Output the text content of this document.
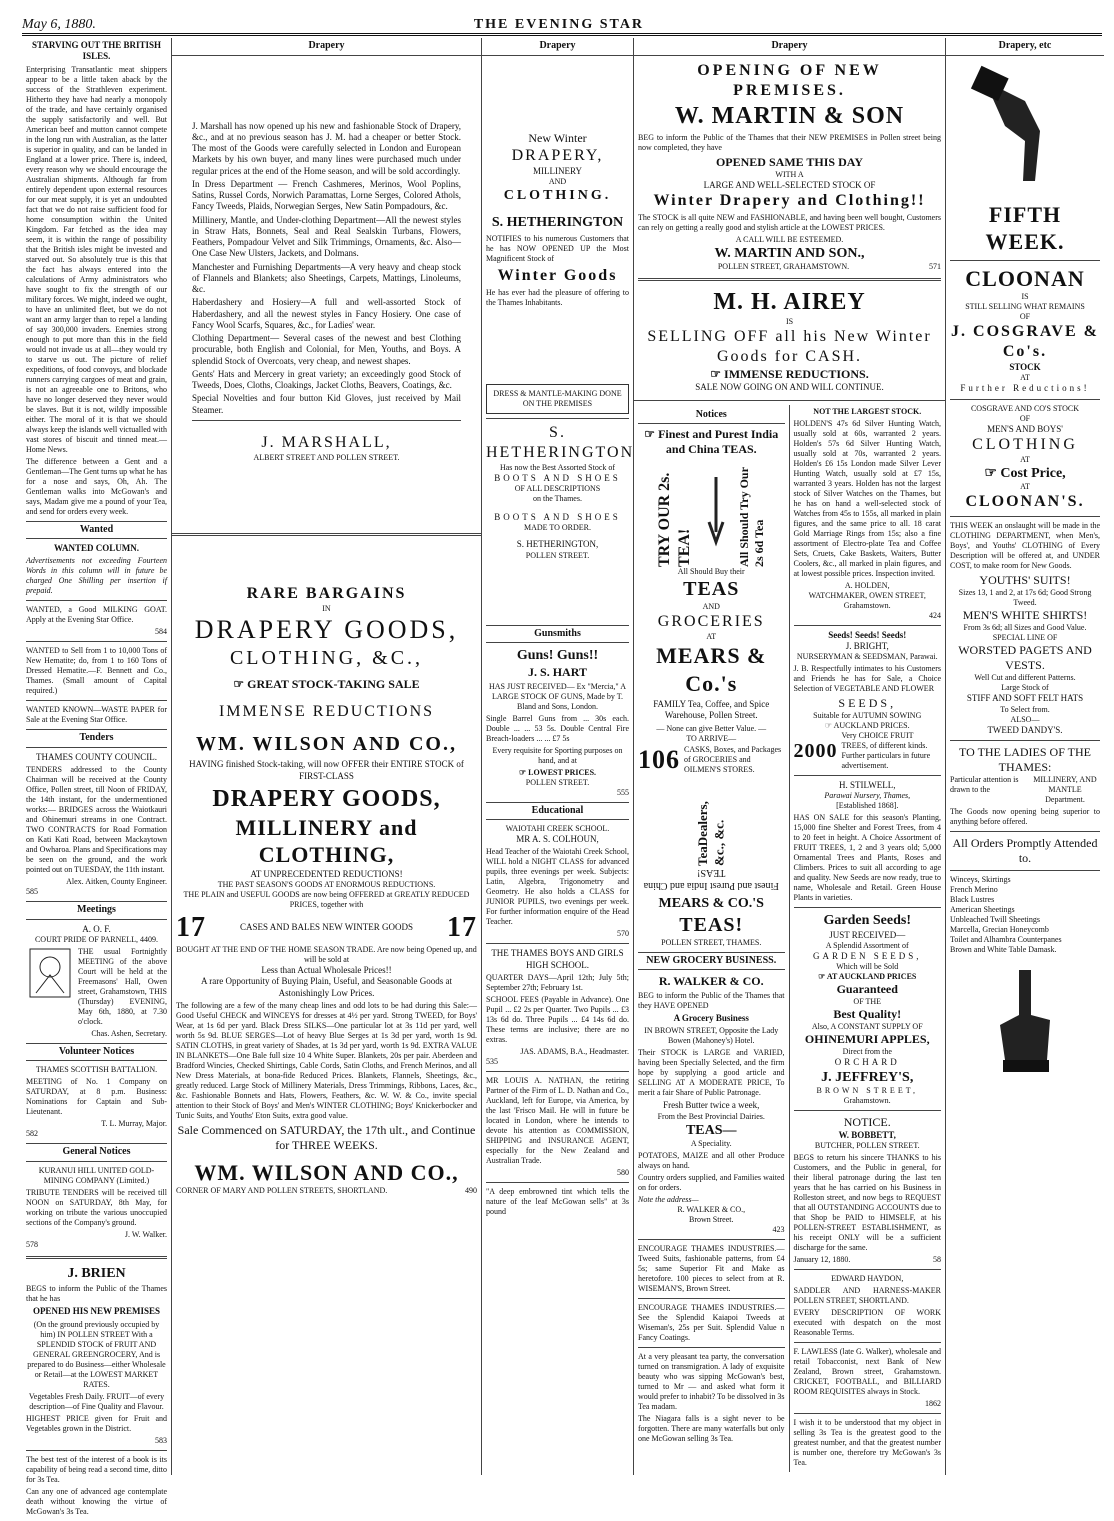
May 6, 1880.	THE EVENING STAR
STARVING OUT THE BRITISH ISLES.

Enterprising Transatlantic meat shippers appear to be a little taken aback by the success of the Strathleven experiment. Hitherto they have had nearly a monopoly of the trade, and have certainly organised the supply satisfactorily and well. But American beef and mutton cannot compete in the long run with Australian, as the latter is superior in quality, and can be landed in England at a lower price. There is, indeed, every reason why we should encourage the Australian shipments. Although far from entirely dependent upon external resources for our meat supply, it is yet an undoubted fact that we do not raise sufficient food for home consumption within the United Kingdom. Far fetched as the idea may seem, it is within the range of possibility that the British isles might be invested and starved out. So absolutely true is this that the fact has always entered into the calculations of Army administrators who have sought to fix the strength of our military forces. We might, indeed we ought, to have an unlimited fleet, but we do not want an army larger than to repel a landing of say 300,000 invaders. Enemies strong enough to put more than this in the field would not invade us at all—they would try to starve us out. The picture of relief expeditions, of food convoys, and blockade runners carrying cargoes of meat and grain, is not an agreeable one to Britons, who have no longer deserved they never would be slaves. But it is not, wildly impossible either. The moral of it is that we should always keep the islands well victualled with vast stores of biscuit and tinned meat.—Home News.

The difference between a Gent and a Gentleman—The Gent turns up what he has for a nose and says, Oh, Ah. The Gentleman walks into McGowan's and says, Madam give me a pound of your Tea, and send for orders every week.

Wanted
WANTED COLUMN.

Advertisements not exceeding Fourteen Words in this column will in future be charged One Shilling per insertion if prepaid.

WANTED, a Good MILKING GOAT. Apply at the Evening Star Office.

584

WANTED to Sell from 1 to 10,000 Tons of New Hematite; do, from 1 to 160 Tons of Dressed Hematite.—F. Bennett and Co., Thames. (Small amount of Capital required.)

WANTED KNOWN—WASTE PAPER for Sale at the Evening Star Office.

Tenders
THAMES COUNTY COUNCIL.

TENDERS addressed to the County Chairman will be received at the County Office, Pollen street, till Noon of FRIDAY, the 14th instant, for the undermentioned works:— BRIDGES across the Waiotkauri and Ohinemuri streams in one Contract. TWO CONTRACTS for Road Formation on Kati Kati Road, between Mackaytown and Owharoa. Plans and Specifications may be seen on the ground, and the work pointed out on TUESDAY, the 11th instant.

Alex. Aitken, County Engineer.
585
Meetings
A. O. F.
COURT PRIDE OF PARNELL, 4409.

THE usual Fortnightly MEETING of the above Court will be held at the Freemasons' Hall, Owen street, Grahamstown, THIS (Thursday) EVENING, May 6th, 1880, at 7.30 o'clock.

Chas. Ashen, Secretary.
Volunteer Notices
THAMES SCOTTISH BATTALION.

MEETING of No. 1 Company on SATURDAY, at 8 p.m. Business: Nominations for Captain and Sub-Lieutenant.

T. L. Murray, Major.
582
General Notices
KURANUI HILL UNITED GOLD-MINING COMPANY (Limited.)

TRIBUTE TENDERS will be received till NOON on SATURDAY, 8th May, for working on tribute the various unoccupied sections of the Company's ground.

J. W. Walker.
578
J. BRIEN

BEGS to inform the Public of the Thames that he has

OPENED HIS NEW PREMISES

(On the ground previously occupied by him) IN POLLEN STREET With a SPLENDID STOCK of FRUIT AND GENERAL GREENGROCERY, And is prepared to do Business—either Wholesale or Retail—at the LOWEST MARKET RATES.

Vegetables Fresh Daily. FRUIT—of every description—of Fine Quality and Flavour.

HIGHEST PRICE given for Fruit and Vegetables grown in the District.

583

The best test of the interest of a book is its capability of being read a second time, ditto for 3s Tea.

Can any one of advanced age contemplate death without knowing the virtue of McGowan's 3s Tea.

Drapery

J. Marshall has now opened up his new and fashionable Stock of Drapery, &c., and at no previous season has J. M. had a cheaper or better Stock. The most of the Goods were carefully selected in London and European Markets by his own buyer, and many lines were purchased much under regular prices at the end of the Home season, and will be sold accordingly.

In Dress Department — French Cashmeres, Merinos, Wool Poplins, Satins, Russel Cords, Norwich Paramattas, Lorne Serges, Colored Athols, Fancy Tweeds, Plaids, Norwegian Serges, New Satin Pompadours, &c.

Millinery, Mantle, and Under-clothing Department—All the newest styles in Straw Hats, Bonnets, Seal and Real Sealskin Turbans, Flowers, Feathers, Pompadour Velvet and Silk Trimmings, Ornaments, &c. Also—One Case New Ulsters, Jackets, and Dolmans.

Manchester and Furnishing Departments—A very heavy and cheap stock of Flannels and Blankets; also Sheetings, Carpets, Mattings, Linoleums, &c.

Haberdashery and Hosiery—A full and well-assorted Stock of Haberdashery, and all the newest styles in Fancy Hosiery. One case of Fancy Wool Scarfs, Squares, &c., for Ladies' wear.

Clothing Department— Several cases of the newest and best Clothing procurable, both English and Colonial, for Men, Youths, and Boys. A splendid Stock of Overcoats, very cheap, and newest shapes.

Gents' Hats and Mercery in great variety; an exceedingly good Stock of Tweeds, Does, Cloths, Cloakings, Jacket Cloths, Beavers, Coatings, &c.

Special Novelties and four button Kid Gloves, just received by Mail Steamer.

J. MARSHALL,
ALBERT STREET AND POLLEN STREET.
RARE BARGAINS
IN
DRAPERY GOODS,
CLOTHING, &C.,
☞ GREAT STOCK-TAKING SALE
IMMENSE REDUCTIONS
WM. WILSON AND CO.,

HAVING finished Stock-taking, will now OFFER their ENTIRE STOCK of FIRST-CLASS

DRAPERY GOODS,
MILLINERY and CLOTHING,
AT UNPRECEDENTED REDUCTIONS!
THE PAST SEASON'S GOODS AT ENORMOUS REDUCTIONS.
THE PLAIN and USEFUL GOODS are now being OFFERED at GREATLY REDUCED PRICES, together with
17	CASES AND BALES NEW WINTER GOODS 17
BOUGHT AT THE END OF THE HOME SEASON TRADE. Are now being Opened up, and will be sold at
Less than Actual Wholesale Prices!!
A rare Opportunity of Buying Plain, Useful, and Seasonable Goods at Astonishingly Low Prices.

The following are a few of the many cheap lines and odd lots to be had during this Sale:— Good Useful CHECK and WINCEYS for dresses at 4½ per yard. Strong TWEED, for Boys' Wear, at 1s 6d per yard. Black Dress SILKS—One particular lot at 3s 11d per yard, well worth 5s 9d. BLUE SERGES—Lot of heavy Blue Serges at 1s 3d per yard, worth 1s 9d. SATIN CLOTHS, in great variety of Shades, at 1s 3d per yard, worth 1s 9d. EXTRA VALUE IN BLANKETS—One Bale full size 10 4 White Super. Blankets, 20s per pair. Aberdeen and Bradford Wincies, Checked Shirtings, Cable Cords, Satin Cloths, and French Merinos, and all New Dress Materials, at bona-fide Reduced Prices. Blankets, Flannels, Sheetings, &c., greatly reduced. Large Stock of Millinery Materials, Dress Trimmings, Ribbons, Laces, &c., &c. Fashionable Bonnets and Hats, Flowers, Feathers, &c. W. W. & Co., invite special attention to their Stock of Boys' and Men's WINTER CLOTHING; Boys' Knickerbocker and Tunic Suits, and Youths' Eton Suits, extra good value.

Sale Commenced on SATURDAY, the 17th ult., and Continue for THREE WEEKS.
WM. WILSON AND CO.,
CORNER OF MARY AND POLLEN STREETS, SHORTLAND.	490
Drapery
New Winter
DRAPERY,
MILLINERY
AND
CLOTHING.
S. HETHERINGTON

NOTIFIES to his numerous Customers that he has NOW OPENED UP the Most Magnificent Stock of

Winter Goods

He has ever had the pleasure of offering to the Thames Inhabitants.

DRESS & MANTLE-MAKING DONE ON THE PREMISES
S. HETHERINGTON
Has now the Best Assorted Stock of
BOOTS AND SHOES
OF ALL DESCRIPTIONS
on the Thames.
BOOTS AND SHOES
MADE TO ORDER.
S. HETHERINGTON,
POLLEN STREET.
Gunsmiths
Guns! Guns!!
J. S. HART

HAS JUST RECEIVED— Ex "Mercia," A LARGE STOCK OF GUNS, Made by T. Bland and Sons, London.

Single Barrel Guns from ... 30s each. Double ... ... 53 5s. Double Central Fire Breach-loaders ... ... £7 5s

Every requisite for Sporting purposes on hand, and at

☞ LOWEST PRICES.
POLLEN STREET.
555
Educational
WAIOTAHI CREEK SCHOOL.
MR A. S. COLHOUN,

Head Teacher of the Waiotahi Creek School, WILL hold a NIGHT CLASS for advanced pupils, three evenings per week. Subjects: Latin, Algebra, Trigonometry and Geometry. He also holds a CLASS for JUNIOR PUPILS, two evenings per week. For further information enquire of the Head Teacher.

570
THE THAMES BOYS AND GIRLS HIGH SCHOOL.

QUARTER DAYS—April 12th; July 5th; September 27th; February 1st.

SCHOOL FEES (Payable in Advance). One Pupil ... £2 2s per Quarter. Two Pupils ... £3 13s 6d do. Three Pupils ... £4 14s 6d do. These terms are inclusive; there are no extras.

JAS. ADAMS, B.A., Headmaster.
535

MR LOUIS A. NATHAN, the retiring Partner of the Firm of L. D. Nathan and Co., Auckland, left for Europe, via America, by the last 'Frisco Mail. He will in future be located in London, where he intends to devote his attention as COMMISSION, SHIPPING and INSURANCE AGENT, especially for the New Zealand and Australian Trade.

580

"A deep embrowned tint which tells the nature of the leaf McGowan sells" at 3s pound

Drapery
OPENING OF NEW PREMISES.
W. MARTIN & SON

BEG to inform the Public of the Thames that their NEW PREMISES in Pollen street being now completed, they have

OPENED SAME THIS DAY
WITH A
LARGE AND WELL-SELECTED STOCK OF
Winter Drapery and Clothing!!

The STOCK is all quite NEW and FASHIONABLE, and having been well bought, Customers can rely on getting a really good and stylish article at the LOWEST PRICES.

A CALL WILL BE ESTEEMED.
W. MARTIN AND SON.,
POLLEN STREET, GRAHAMSTOWN.	571
M. H. AIREY
IS
SELLING OFF all his New Winter Goods for CASH.
☞ IMMENSE REDUCTIONS.
SALE NOW GOING ON AND WILL CONTINUE.
Notices
☞ Finest and Purest India and China TEAS.
TRY OUR 2s. TEA!	All Should Try Our 2s 6d Tea
All Should Buy their
TEAS
AND
GROCERIES
AT
MEARS & Co.'s

FAMILY Tea, Coffee, and Spice Warehouse, Pollen Street.

— None can give Better Value. —
TO ARRIVE—
106 CASKS, Boxes, and Packages of GROCERIES and OILMEN'S STORES.
TeaDealers, &c., &c.
Finest and Purest India and China TEAS!
MEARS & CO.'S
TEAS!
POLLEN STREET, THAMES.
NEW GROCERY BUSINESS.
R. WALKER & CO.

BEG to inform the Public of the Thames that they HAVE OPENED

A Grocery Business

IN BROWN STREET, Opposite the Lady Bowen (Mahoney's) Hotel.

Their STOCK is LARGE and VARIED, having been Specially Selected, and the firm hope by supplying a good article and SELLING AT A MODERATE PRICE, To merit a fair Share of Public Patronage.

Fresh Butter twice a week,
From the Best Provincial Dairies.
TEAS—
A Speciality.

POTATOES, MAIZE and all other Produce always on hand.

Country orders supplied, and Families waited on for orders.

Note the address—
R. WALKER & CO.,
Brown Street.
423

ENCOURAGE THAMES INDUSTRIES.—Tweed Suits, fashionable patterns, from £4 5s; same Superior Fit and Make as heretofore. 100 pieces to select from at R. WISEMAN'S, Brown Street.

ENCOURAGE THAMES INDUSTRIES.—See the Splendid Kaiapoi Tweeds at Wiseman's, 25s per Suit. Splendid Value n Fancy Coatings.

At a very pleasant tea party, the conversation turned on transmigration. A lady of exquisite beauty who was sipping McGowan's best, turned to Mr — and asked what form it would prefer to inhabit? To be dissolved in 3s Tea madam.

The Niagara falls is a sight never to be forgotten. There are many waterfalls but only one McGowan selling 3s Tea.

NOT THE LARGEST STOCK.

HOLDEN'S 47s 6d Silver Hunting Watch, usually sold at 60s, warranted 2 years. Holden's 57s 6d Silver Hunting Watch, usually sold at 70s, warranted 2 years. Holden's £6 15s London made Silver Lever Hunting Watch, usually sold at £7 15s, warranted 3 years. Holden has not the largest stock of Silver Watches on the Thames, but he has on hand a well-selected stock of Watches from 45s to 155s, all marked in plain figures, and the same price to all. 18 carat Gold Marriage Rings from 15s; also a fine assortment of Electro-plate Tea and Coffee Sets, Cruets, Cake Baskets, Waiters, Butter Coolers, &c., all marked in plain figures, and at lowest possible prices. Inspection invited.

A. HOLDEN,
WATCHMAKER, OWEN STREET, Grahamstown.
424
Seeds! Seeds! Seeds!
J. BRIGHT,
NURSERYMAN & SEEDSMAN, Parawai.

J. B. Respectfully intimates to his Customers and Friends he has for Sale, a Choice Selection of VEGETABLE AND FLOWER

SEEDS,
Suitable for AUTUMN SOWING
☞ AUCKLAND PRICES.
2000
Very CHOICE FRUIT TREES, of different kinds. Further particulars in future advertisement.
H. STILWELL,
Parawai Nursery, Thames,
[Established 1868].

HAS ON SALE for this season's Planting, 15,000 fine Shelter and Forest Trees, from 4 to 20 feet in height. A Choice Assortment of FRUIT TREES, 1, 2 and 3 years old; 5,000 Ornamental Trees and Plants, Roses and Climbers. Prices to suit all according to age and quality. New Seeds are now ready, true to name, Wholesale and Retail. Green House Plants in varieties.

Garden Seeds!
JUST RECEIVED—
A Splendid Assortment of
GARDEN SEEDS,
Which will be Sold
☞ AT AUCKLAND PRICES
Guaranteed
OF THE
Best Quality!
Also, A CONSTANT SUPPLY OF
OHINEMURI APPLES,
Direct from the
ORCHARD
J. JEFFREY'S,
BROWN STREET,
Grahamstown.
NOTICE.
W. BOBBETT,
BUTCHER, POLLEN STREET.

BEGS to return his sincere THANKS to his Customers, and the Public in general, for their liberal patronage during the last ten years that he has carried on his Business in Rolleston street, and now begs to REQUEST that all OUTSTANDING ACCOUNTS due to that Shop be PAID to HIMSELF, at his POLLEN-STREET ESTABLISHMENT, as his receipt ONLY will be a sufficient discharge for the same.

January 12, 1880.	58
EDWARD HAYDON,

SADDLER AND HARNESS-MAKER POLLEN STREET, SHORTLAND.

EVERY DESCRIPTION OF WORK executed with despatch on the most Reasonable Terms.

F. LAWLESS (late G. Walker), wholesale and retail Tobacconist, next Bank of New Zealand, Brown street, Grahamstown. CRICKET, FOOTBALL, and BILLIARD ROOM REQUISITES always in Stock.

1862

I wish it to be understood that my object in selling 3s Tea is the greatest good to the greatest number, and that the greatest number is number one, therefore try McGowan's 3s Tea.

Drapery, etc
FIFTH WEEK.
CLOONAN
IS
STILL SELLING WHAT REMAINS
OF
J. COSGRAVE & Co's.
STOCK
AT
Further Reductions!
COSGRAVE AND CO'S STOCK
OF
MEN'S AND BOYS'
CLOTHING
AT
☞ Cost Price,
AT
CLOONAN'S.

THIS WEEK an onslaught will be made in the CLOTHING DEPARTMENT, when Men's, Boys', and Youths' CLOTHING of Every Description will be offered at, and UNDER COST, to make room for New Goods.

YOUTHS' SUITS!
Sizes 13, 1 and 2, at 17s 6d; Good Strong Tweed.
MEN'S WHITE SHIRTS!
From 3s 6d; all Sizes and Good Value.
SPECIAL LINE OF
WORSTED PAGETS AND VESTS.
Well Cut and different Patterns.
Large Stock of
STIFF AND SOFT FELT HATS
To Select from.
ALSO—
TWEED DANDY'S.
TO THE LADIES OF THE THAMES:
Particular attention is drawn to the
MILLINERY, AND MANTLE Department.

The Goods now opening being superior to anything before offered.

All Orders Promptly Attended to.
Winceys, Skirtings
French Merino
Black Lustres
American Sheetings
Unbleached Twill Sheetings
Marcella, Grecian Honeycomb
Toilet and Alhambra Counterpanes
Brown and White Table Damask.
